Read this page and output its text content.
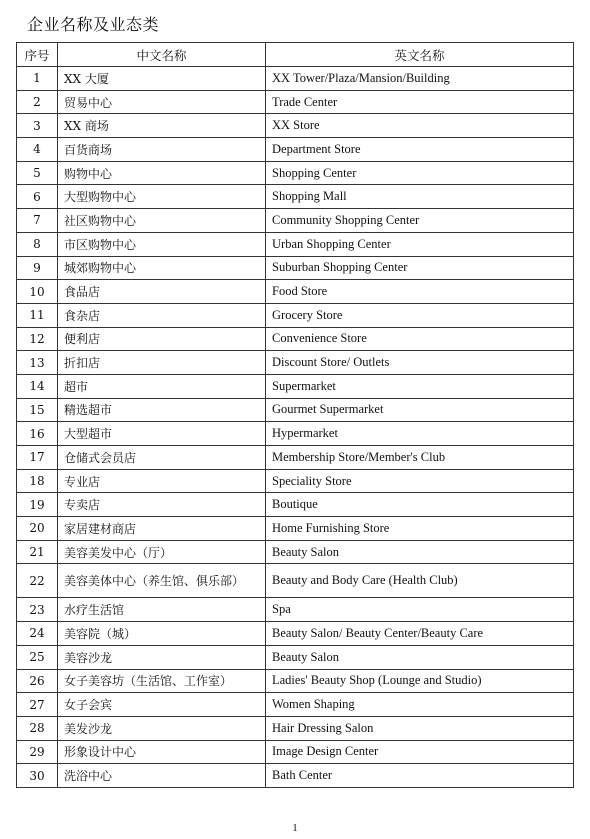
企业名称及业态类
序号	中文名称	英文名称
1	XX 大厦	XX Tower/Plaza/Mansion/Building
2	贸易中心	Trade Center
3	XX 商场	XX Store
4	百货商场	Department Store
5	购物中心	Shopping Center
6	大型购物中心	Shopping Mall
7	社区购物中心	Community Shopping Center
8	市区购物中心	Urban Shopping Center
9	城郊购物中心	Suburban Shopping Center
10	食品店	Food Store
11	食杂店	Grocery Store
12	便利店	Convenience Store
13	折扣店	Discount Store/ Outlets
14	超市	Supermarket
15	精选超市	Gourmet Supermarket
16	大型超市	Hypermarket
17	仓储式会员店	Membership Store/Member's Club
18	专业店	Speciality Store
19	专卖店	Boutique
20	家居建材商店	Home Furnishing Store
21	美容美发中心（厅）	Beauty Salon
22	美容美体中心（养生馆、俱乐部）	Beauty and Body Care (Health Club)
23	水疗生活馆	Spa
24	美容院（城）	Beauty Salon/ Beauty Center/Beauty Care
25	美容沙龙	Beauty Salon
26	女子美容坊（生活馆、工作室）	Ladies' Beauty Shop (Lounge and Studio)
27	女子会宾	Women Shaping
28	美发沙龙	Hair Dressing Salon
29	形象设计中心	Image Design Center
30	洗浴中心	Bath Center
1
